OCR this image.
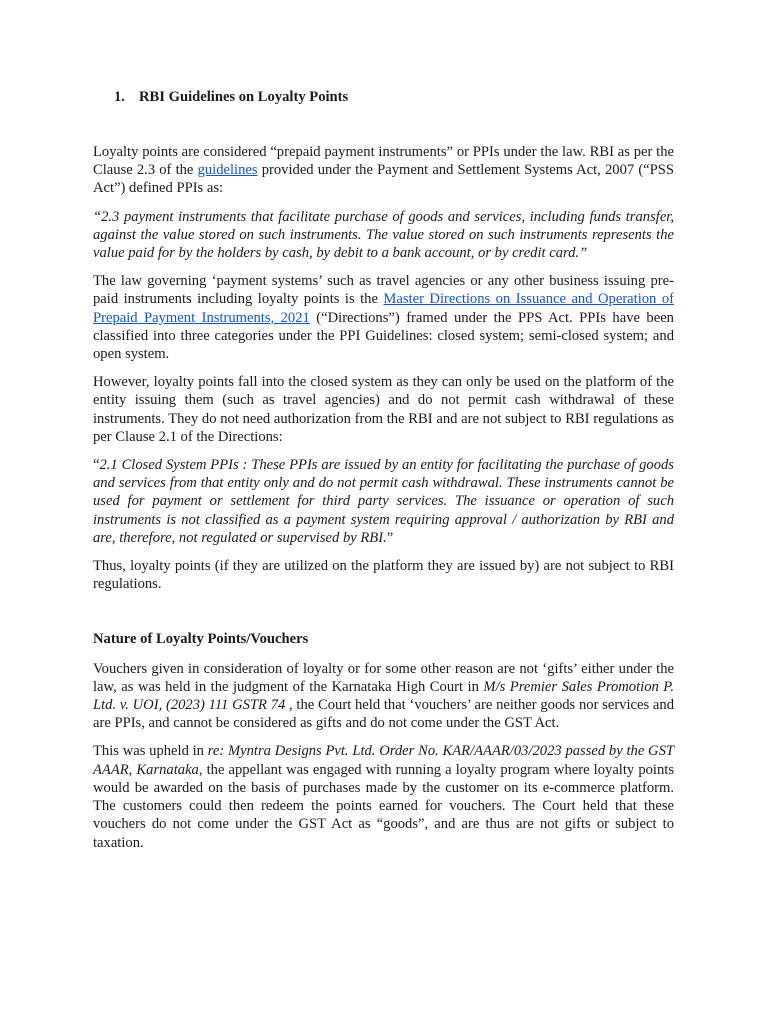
1. RBI Guidelines on Loyalty Points

Loyalty points are considered “prepaid payment instruments” or PPIs under the law. RBI as per the Clause 2.3 of the guidelines provided under the Payment and Settlement Systems Act, 2007 (“PSS Act”) defined PPIs as:

“2.3 payment instruments that facilitate purchase of goods and services, including funds transfer, against the value stored on such instruments. The value stored on such instruments represents the value paid for by the holders by cash, by debit to a bank account, or by credit card.”

The law governing ‘payment systems’ such as travel agencies or any other business issuing pre-paid instruments including loyalty points is the Master Directions on Issuance and Operation of Prepaid Payment Instruments, 2021 (“Directions”) framed under the PPS Act. PPIs have been classified into three categories under the PPI Guidelines: closed system; semi-closed system; and open system.

However, loyalty points fall into the closed system as they can only be used on the platform of the entity issuing them (such as travel agencies) and do not permit cash withdrawal of these instruments. They do not need authorization from the RBI and are not subject to RBI regulations as per Clause 2.1 of the Directions:

“2.1 Closed System PPIs : These PPIs are issued by an entity for facilitating the purchase of goods and services from that entity only and do not permit cash withdrawal. These instruments cannot be used for payment or settlement for third party services. The issuance or operation of such instruments is not classified as a payment system requiring approval / authorization by RBI and are, therefore, not regulated or supervised by RBI.”

Thus, loyalty points (if they are utilized on the platform they are issued by) are not subject to RBI regulations.

Nature of Loyalty Points/Vouchers

Vouchers given in consideration of loyalty or for some other reason are not ‘gifts’ either under the law, as was held in the judgment of the Karnataka High Court in M/s Premier Sales Promotion P. Ltd. v. UOI, (2023) 111 GSTR 74 , the Court held that ‘vouchers’ are neither goods nor services and are PPIs, and cannot be considered as gifts and do not come under the GST Act.

This was upheld in re: Myntra Designs Pvt. Ltd. Order No. KAR/AAAR/03/2023 passed by the GST AAAR, Karnataka, the appellant was engaged with running a loyalty program where loyalty points would be awarded on the basis of purchases made by the customer on its e-commerce platform. The customers could then redeem the points earned for vouchers. The Court held that these vouchers do not come under the GST Act as “goods”, and are thus are not gifts or subject to taxation.
